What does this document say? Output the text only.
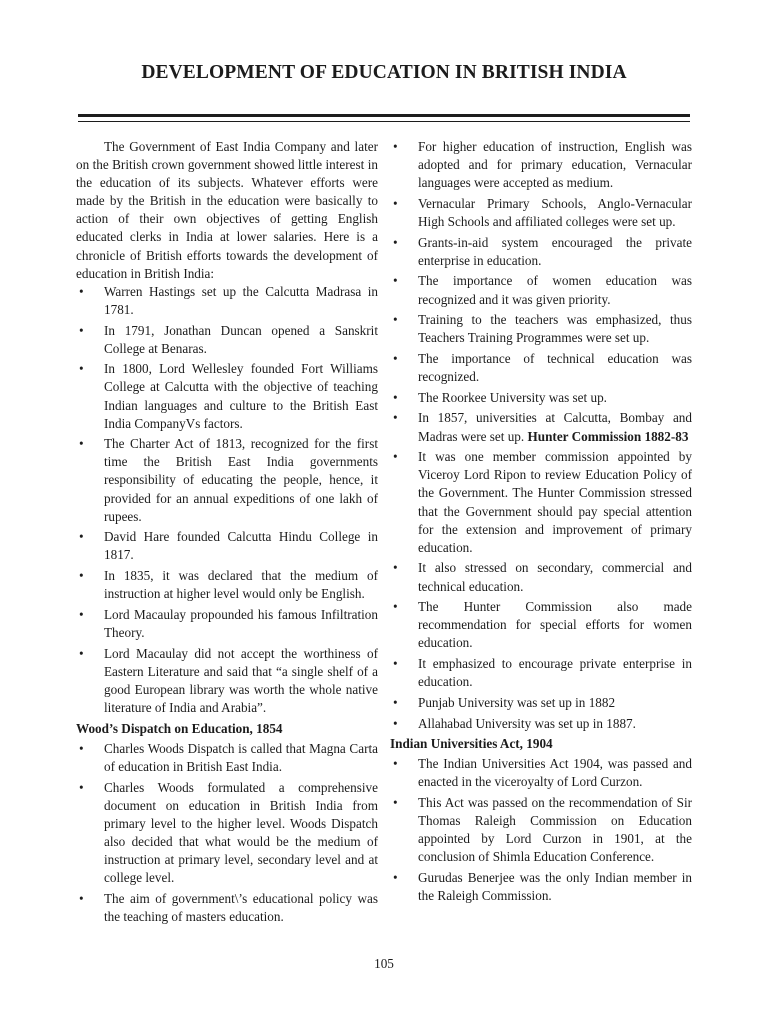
DEVELOPMENT OF EDUCATION IN BRITISH INDIA

The Government of East India Company and later on the British crown government showed little interest in the education of its subjects. Whatever efforts were made by the British in the education were basically to action of their own objectives of getting English educated clerks in India at lower salaries. Here is a chronicle of British efforts towards the development of education in British India:

• Warren Hastings set up the Calcutta Madrasa in 1781.
• In 1791, Jonathan Duncan opened a Sanskrit College at Benaras.
• In 1800, Lord Wellesley founded Fort Williams College at Calcutta with the objective of teaching Indian languages and culture to the British East India CompanyVs factors.
• The Charter Act of 1813, recognized for the first time the British East India governments responsibility of educating the people, hence, it provided for an annual expeditions of one lakh of rupees.
• David Hare founded Calcutta Hindu College in 1817.
• In 1835, it was declared that the medium of instruction at higher level would only be English.
• Lord Macaulay propounded his famous Infiltration Theory.
• Lord Macaulay did not accept the worthiness of Eastern Literature and said that “a single shelf of a good European library was worth the whole native literature of India and Arabia”.
Wood’s Dispatch on Education, 1854
• Charles Woods Dispatch is called that Magna Carta of education in British East India.
• Charles Woods formulated a comprehensive document on education in British India from primary level to the higher level. Woods Dispatch also decided that what would be the medium of instruction at primary level, secondary level and at college level.
• The aim of government\’s educational policy was the teaching of masters education.
• For higher education of instruction, English was adopted and for primary education, Vernacular languages were accepted as medium.
• Vernacular Primary Schools, Anglo-Vernacular High Schools and affiliated colleges were set up.
• Grants-in-aid system encouraged the private enterprise in education.
• The importance of women education was recognized and it was given priority.
• Training to the teachers was emphasized, thus Teachers Training Programmes were set up.
• The importance of technical education was recognized.
• The Roorkee University was set up.
• In 1857, universities at Calcutta, Bombay and Madras were set up. Hunter Commission 1882-83
• It was one member commission appointed by Viceroy Lord Ripon to review Education Policy of the Government. The Hunter Commission stressed that the Government should pay special attention for the extension and improvement of primary education.
• It also stressed on secondary, commercial and technical education.
• The Hunter Commission also made recommendation for special efforts for women education.
• It emphasized to encourage private enterprise in education.
• Punjab University was set up in 1882
• Allahabad University was set up in 1887.
Indian Universities Act, 1904
• The Indian Universities Act 1904, was passed and enacted in the viceroyalty of Lord Curzon.
• This Act was passed on the recommendation of Sir Thomas Raleigh Commission on Education appointed by Lord Curzon in 1901, at the conclusion of Shimla Education Conference.
• Gurudas Benerjee was the only Indian member in the Raleigh Commission.
105
